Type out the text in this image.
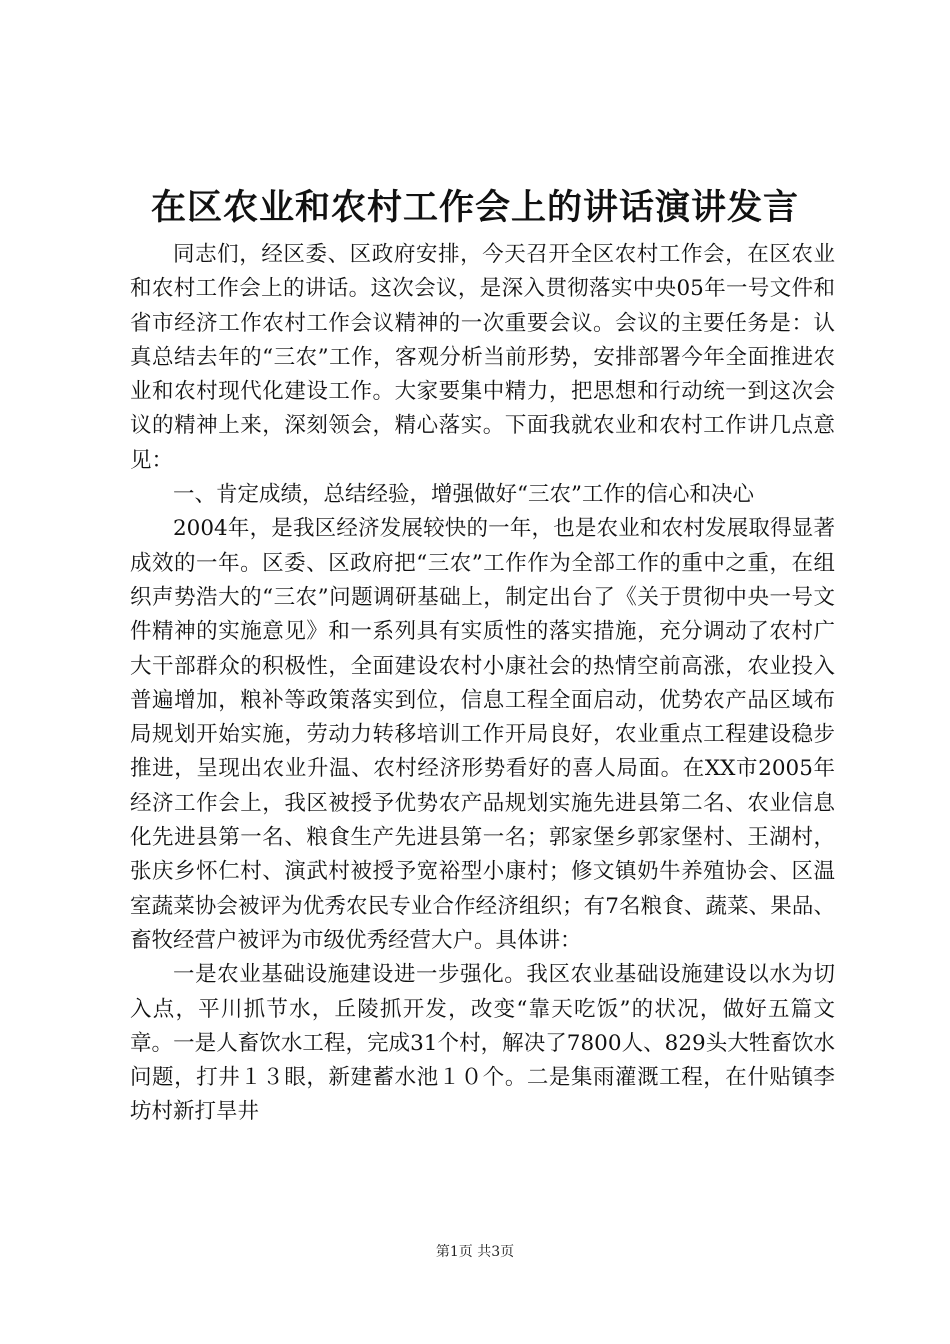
在区农业和农村工作会上的讲话演讲发言

同志们，经区委、区政府安排，今天召开全区农村工作会，在区农业和农村工作会上的讲话。这次会议，是深入贯彻落实中央05年一号文件和省市经济工作农村工作会议精神的一次重要会议。会议的主要任务是：认真总结去年的“三农”工作，客观分析当前形势，安排部署今年全面推进农业和农村现代化建设工作。大家要集中精力，把思想和行动统一到这次会议的精神上来，深刻领会，精心落实。下面我就农业和农村工作讲几点意见：

一、肯定成绩，总结经验，增强做好“三农”工作的信心和决心

2004年，是我区经济发展较快的一年，也是农业和农村发展取得显著成效的一年。区委、区政府把“三农”工作作为全部工作的重中之重，在组织声势浩大的“三农”问题调研基础上，制定出台了《关于贯彻中央一号文件精神的实施意见》和一系列具有实质性的落实措施，充分调动了农村广大干部群众的积极性，全面建设农村小康社会的热情空前高涨，农业投入普遍增加，粮补等政策落实到位，信息工程全面启动，优势农产品区域布局规划开始实施，劳动力转移培训工作开局良好，农业重点工程建设稳步推进，呈现出农业升温、农村经济形势看好的喜人局面。在XX市2005年经济工作会上，我区被授予优势农产品规划实施先进县第二名、农业信息化先进县第一名、粮食生产先进县第一名；郭家堡乡郭家堡村、王湖村，张庆乡怀仁村、演武村被授予宽裕型小康村；修文镇奶牛养殖协会、区温室蔬菜协会被评为优秀农民专业合作经济组织；有7名粮食、蔬菜、果品、畜牧经营户被评为市级优秀经营大户。具体讲：

一是农业基础设施建设进一步强化。我区农业基础设施建设以水为切入点，平川抓节水，丘陵抓开发，改变“靠天吃饭”的状况，做好五篇文章。一是人畜饮水工程，完成31个村，解决了7800人、829头大牲畜饮水问题，打井１３眼，新建蓄水池１０个。二是集雨灌溉工程，在什贴镇李坊村新打旱井

第1页 共3页
